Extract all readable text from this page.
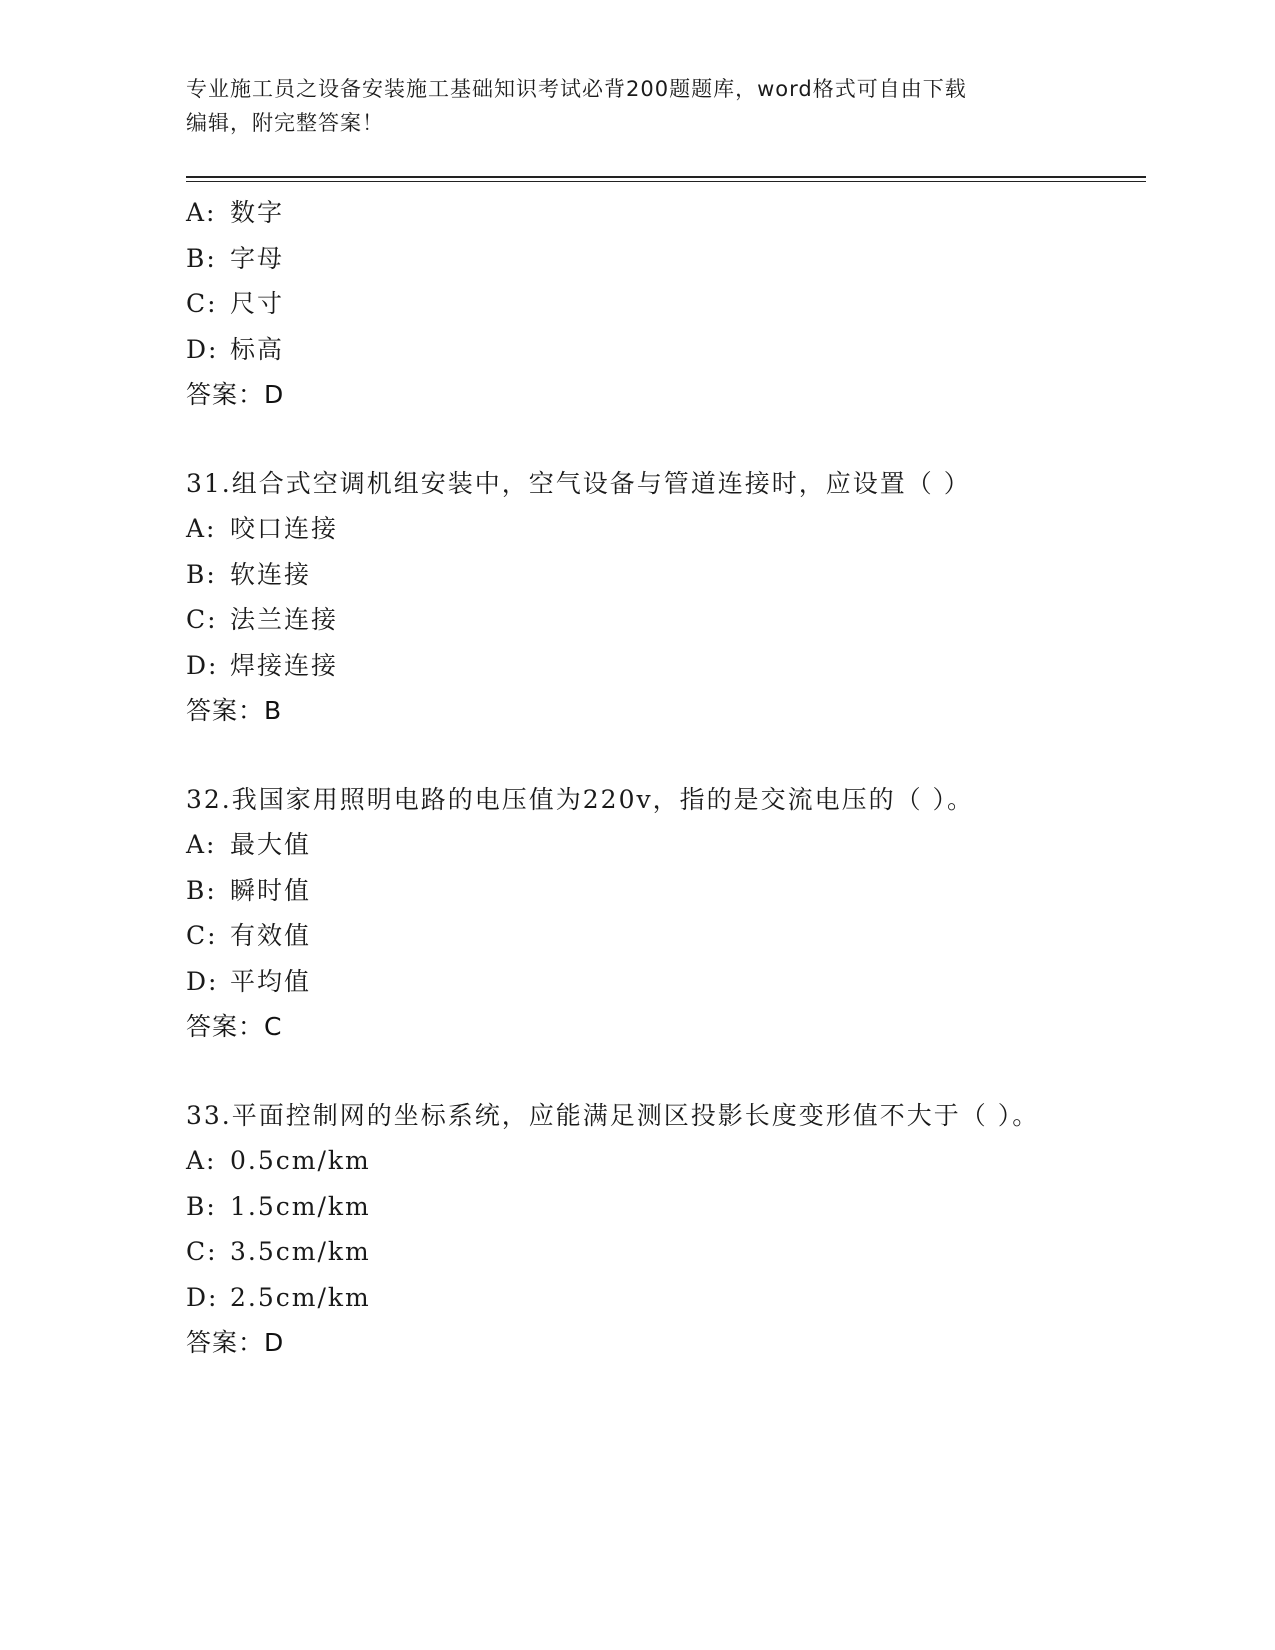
专业施工员之设备安装施工基础知识考试必背200题题库，word格式可自由下载
编辑，附完整答案！
A: 数字
B: 字母
C: 尺寸
D: 标高
答案：D
31.组合式空调机组安装中，空气设备与管道连接时，应设置（ ）
A: 咬口连接
B: 软连接
C: 法兰连接
D: 焊接连接
答案：B
32.我国家用照明电路的电压值为220v，指的是交流电压的（ ）。
A: 最大值
B: 瞬时值
C: 有效值
D: 平均值
答案：C
33.平面控制网的坐标系统，应能满足测区投影长度变形值不大于（ ）。
A: 0.5cm/km
B: 1.5cm/km
C: 3.5cm/km
D: 2.5cm/km
答案：D
